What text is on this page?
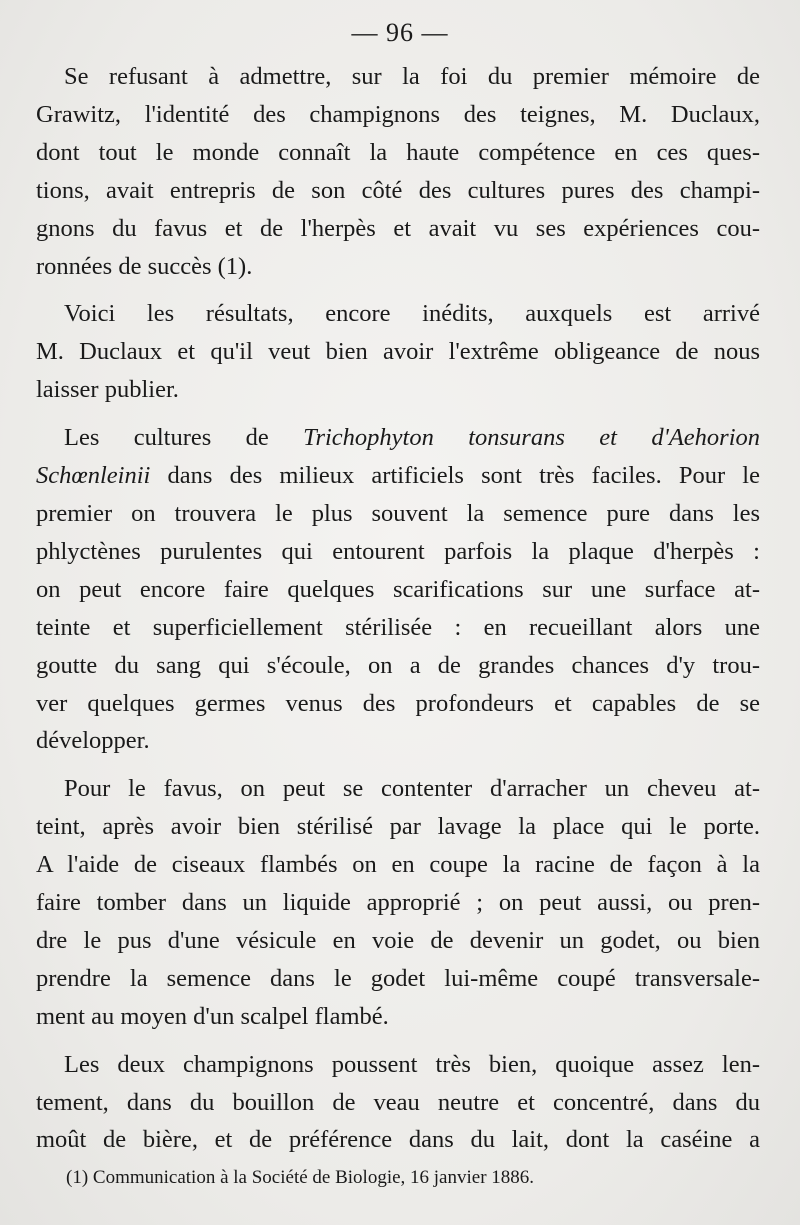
— 96 —

Se refusant à admettre, sur la foi du premier mémoire de
Grawitz, l'identité des champignons des teignes, M. Duclaux,
dont tout le monde connaît la haute compétence en ces ques-
tions, avait entrepris de son côté des cultures pures des champi-
gnons du favus et de l'herpès et avait vu ses expériences cou-
ronnées de succès (1).

Voici les résultats, encore inédits, auxquels est arrivé
M. Duclaux et qu'il veut bien avoir l'extrême obligeance de nous
laisser publier.

Les cultures de Trichophyton tonsurans et d'Aehorion
Schœnleinii dans des milieux artificiels sont très faciles. Pour le
premier on trouvera le plus souvent la semence pure dans les
phlyctènes purulentes qui entourent parfois la plaque d'herpès :
on peut encore faire quelques scarifications sur une surface at-
teinte et superficiellement stérilisée : en recueillant alors une
goutte du sang qui s'écoule, on a de grandes chances d'y trou-
ver quelques germes venus des profondeurs et capables de se
développer.

Pour le favus, on peut se contenter d'arracher un cheveu at-
teint, après avoir bien stérilisé par lavage la place qui le porte.
A l'aide de ciseaux flambés on en coupe la racine de façon à la
faire tomber dans un liquide approprié ; on peut aussi, ou pren-
dre le pus d'une vésicule en voie de devenir un godet, ou bien
prendre la semence dans le godet lui-même coupé transversale-
ment au moyen d'un scalpel flambé.

Les deux champignons poussent très bien, quoique assez len-
tement, dans du bouillon de veau neutre et concentré, dans du
moût de bière, et de préférence dans du lait, dont la caséine a

(1) Communication à la Société de Biologie, 16 janvier 1886.
